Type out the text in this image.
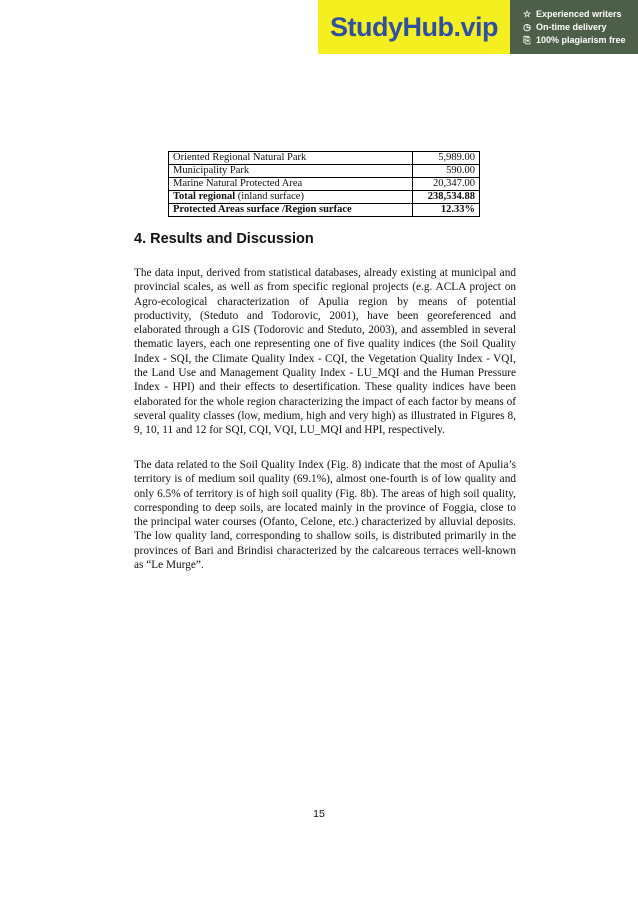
StudyHub.vip	☆ Experienced writers
◷ On-time delivery
⎘ 100% plagiarism free
Oriented Regional Natural Park	5,989.00
Municipality Park	590.00
Marine Natural Protected Area	20,347.00
Total regional (inland surface)	238,534.88
Protected Areas surface /Region surface	12.33%
4. Results and Discussion

The data input, derived from statistical databases, already existing at municipal and provincial scales, as well as from specific regional projects (e.g. ACLA project on Agro-ecological characterization of Apulia region by means of potential productivity, (Steduto and Todorovic, 2001), have been georeferenced and elaborated through a GIS (Todorovic and Steduto, 2003), and assembled in several thematic layers, each one representing one of five quality indices (the Soil Quality Index - SQI, the Climate Quality Index - CQI, the Vegetation Quality Index - VQI, the Land Use and Management Quality Index - LU_MQI and the Human Pressure Index - HPI) and their effects to desertification. These quality indices have been elaborated for the whole region characterizing the impact of each factor by means of several quality classes (low, medium, high and very high) as illustrated in Figures 8, 9, 10, 11 and 12 for SQI, CQI, VQI, LU_MQI and HPI, respectively.

The data related to the Soil Quality Index (Fig. 8) indicate that the most of Apulia’s territory is of medium soil quality (69.1%), almost one-fourth is of low quality and only 6.5% of territory is of high soil quality (Fig. 8b). The areas of high soil quality, corresponding to deep soils, are located mainly in the province of Foggia, close to the principal water courses (Ofanto, Celone, etc.) characterized by alluvial deposits. The low quality land, corresponding to shallow soils, is distributed primarily in the provinces of Bari and Brindisi characterized by the calcareous terraces well-known as “Le Murge”.

15
